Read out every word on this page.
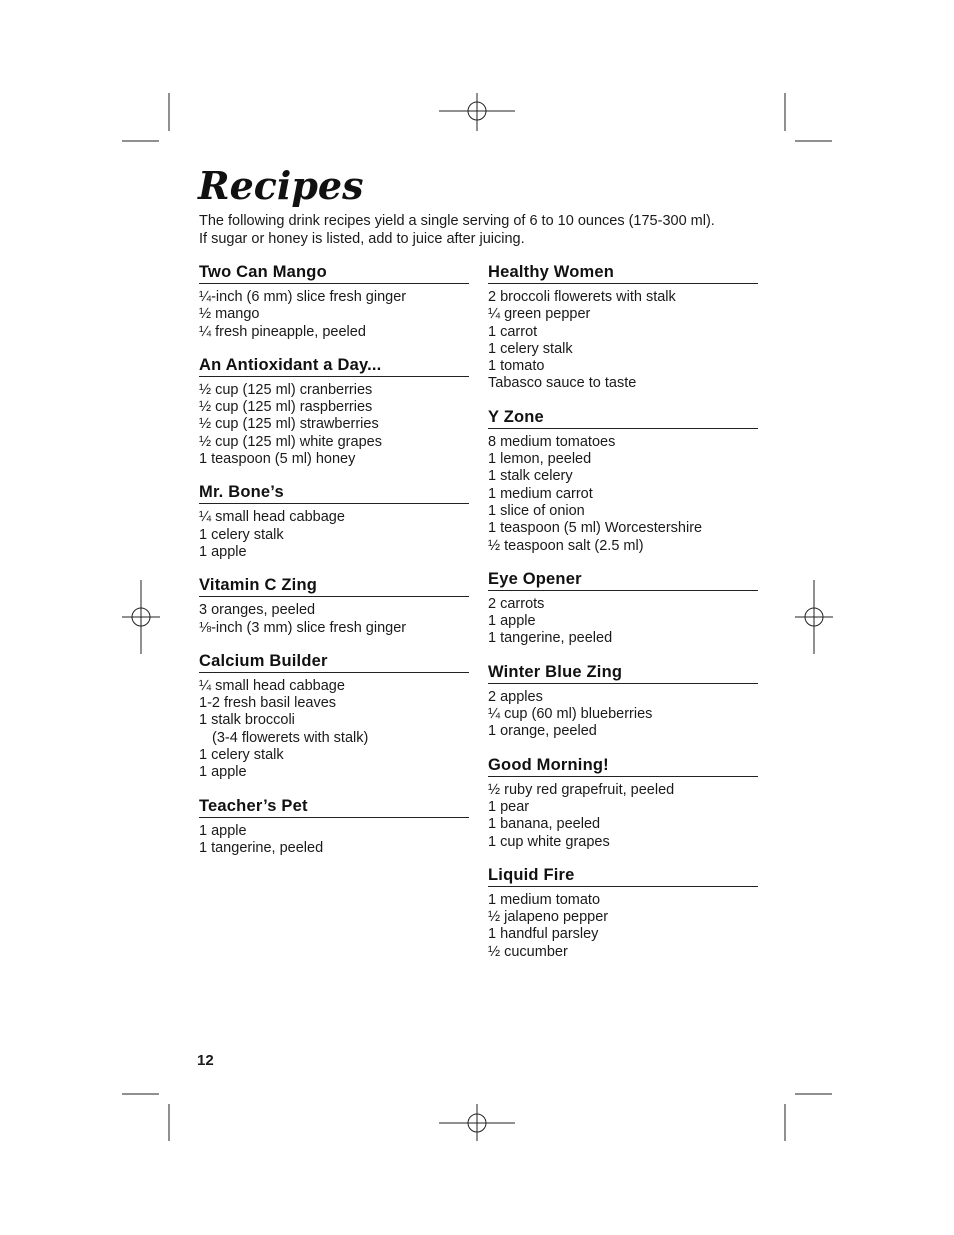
Recipes
The following drink recipes yield a single serving of 6 to 10 ounces (175-300 ml).
If sugar or honey is listed, add to juice after juicing.
Two Can Mango
¼-inch (6 mm) slice fresh ginger
½ mango
¼ fresh pineapple, peeled
An Antioxidant a Day...
½ cup (125 ml) cranberries
½ cup (125 ml) raspberries
½ cup (125 ml) strawberries
½ cup (125 ml) white grapes
1 teaspoon (5 ml) honey
Mr. Bone’s
¼ small head cabbage
1 celery stalk
1 apple
Vitamin C Zing
3 oranges, peeled
⅛-inch (3 mm) slice fresh ginger
Calcium Builder
¼ small head cabbage
1-2 fresh basil leaves
1 stalk broccoli
(3-4 flowerets with stalk)
1 celery stalk
1 apple
Teacher’s Pet
1 apple
1 tangerine, peeled
Healthy Women
2 broccoli flowerets with stalk
¼ green pepper
1 carrot
1 celery stalk
1 tomato
Tabasco sauce to taste
Y Zone
8 medium tomatoes
1 lemon, peeled
1 stalk celery
1 medium carrot
1 slice of onion
1 teaspoon (5 ml) Worcestershire
½ teaspoon salt (2.5 ml)
Eye Opener
2 carrots
1 apple
1 tangerine, peeled
Winter Blue Zing
2 apples
¼ cup (60 ml) blueberries
1 orange, peeled
Good Morning!
½ ruby red grapefruit, peeled
1 pear
1 banana, peeled
1 cup white grapes
Liquid Fire
1 medium tomato
½ jalapeno pepper
1 handful parsley
½ cucumber
12
